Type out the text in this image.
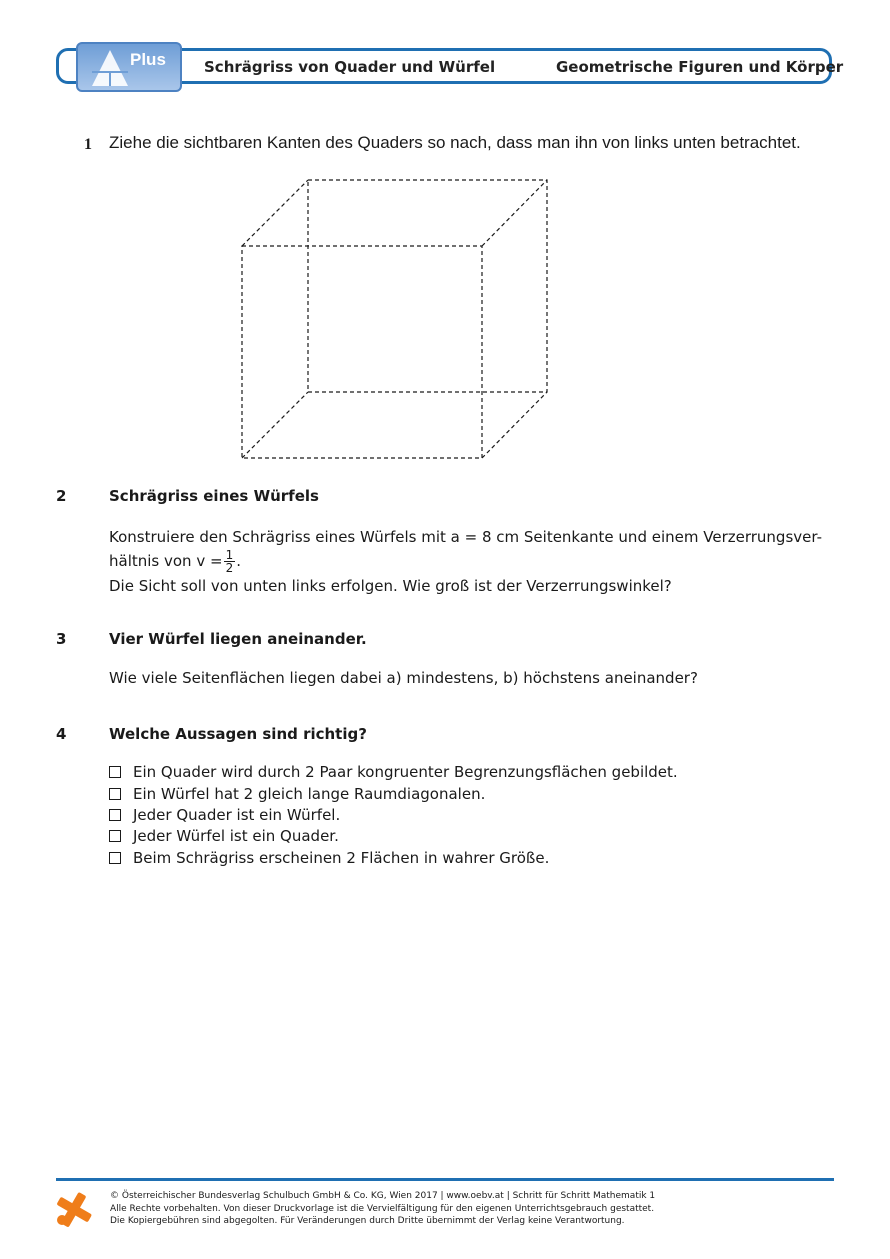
Plus	Schrägriss von Quader und Würfel	Geometrische Figuren und Körper
1 Ziehe die sichtbaren Kanten des Quaders so nach, dass man ihn von links unten betrachtet.
2	Schrägriss eines Würfels
Konstruiere den Schrägriss eines Würfels mit a = 8 cm Seitenkante und einem Verzerrungsver-
hältnis von $v = \frac{1}{2}$ .
Die Sicht soll von unten links erfolgen. Wie groß ist der Verzerrungswinkel?
3	Vier Würfel liegen aneinander.
Wie viele Seitenflächen liegen dabei a) mindestens, b) höchstens aneinander?
4	Welche Aussagen sind richtig?
Ein Quader wird durch 2 Paar kongruenter Begrenzungsflächen gebildet.
Ein Würfel hat 2 gleich lange Raumdiagonalen.
Jeder Quader ist ein Würfel.
Jeder Würfel ist ein Quader.
Beim Schrägriss erscheinen 2 Flächen in wahrer Größe.
© Österreichischer Bundesverlag Schulbuch GmbH & Co. KG, Wien 2017 | www.oebv.at | Schritt für Schritt Mathematik 1
Alle Rechte vorbehalten. Von dieser Druckvorlage ist die Vervielfältigung für den eigenen Unterrichtsgebrauch gestattet.
Die Kopiergebühren sind abgegolten. Für Veränderungen durch Dritte übernimmt der Verlag keine Verantwortung.
